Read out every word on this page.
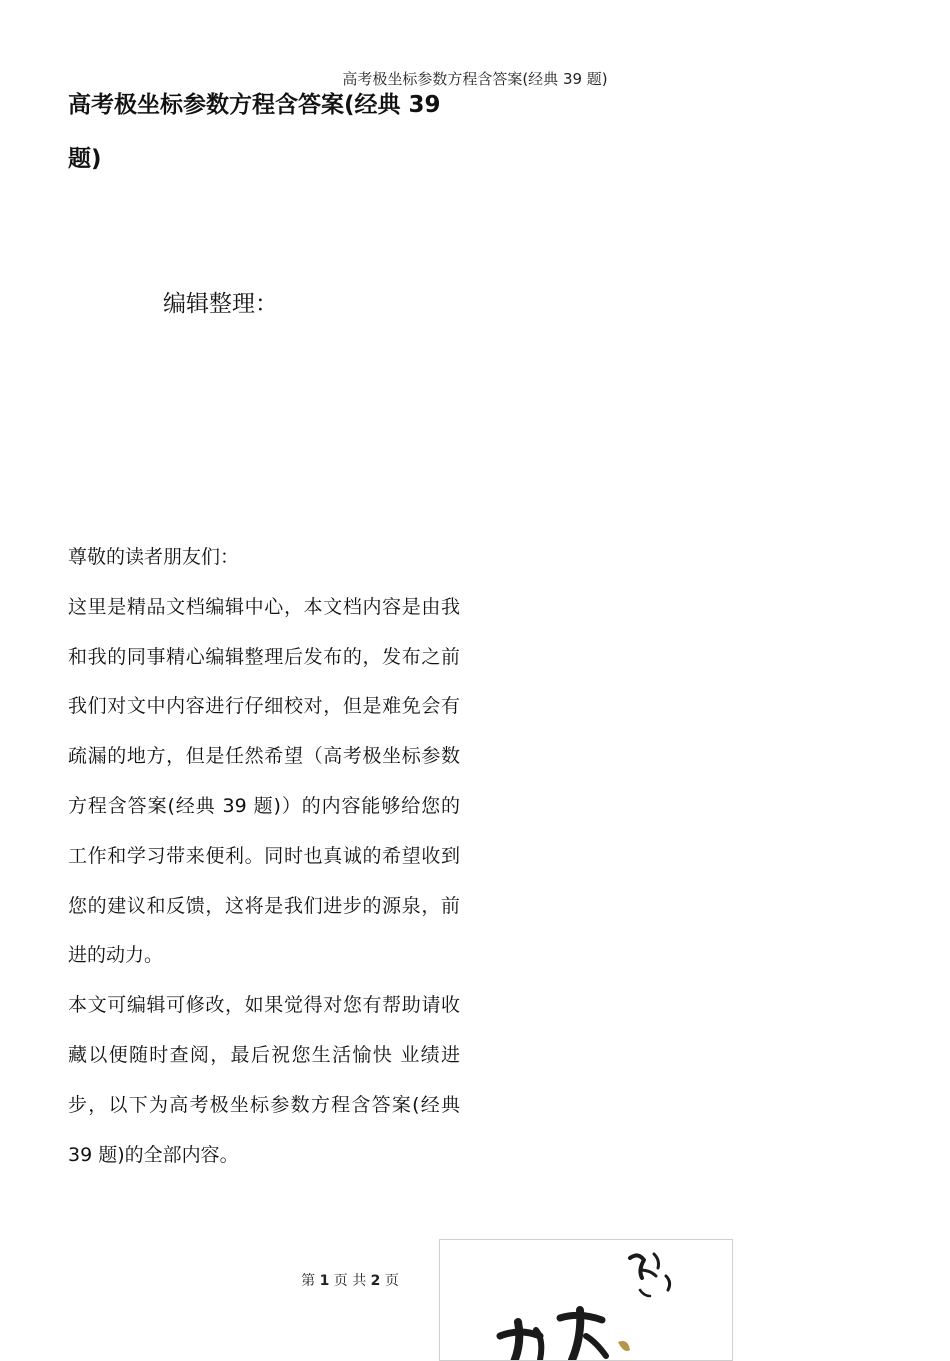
高考极坐标参数方程含答案(经典 39 题)
高考极坐标参数方程含答案(经典 39 题)
编辑整理：

尊敬的读者朋友们：

这里是精品文档编辑中心，本文档内容是由我和我的同事精心编辑整理后发布的，发布之前我们对文中内容进行仔细校对，但是难免会有疏漏的地方，但是任然希望（高考极坐标参数方程含答案(经典 39 题)）的内容能够给您的工作和学习带来便利。同时也真诚的希望收到您的建议和反馈，这将是我们进步的源泉，前进的动力。

本文可编辑可修改，如果觉得对您有帮助请收藏以便随时查阅，最后祝您生活愉快 业绩进步，以下为高考极坐标参数方程含答案(经典 39 题)的全部内容。

第 1 页 共 2 页
